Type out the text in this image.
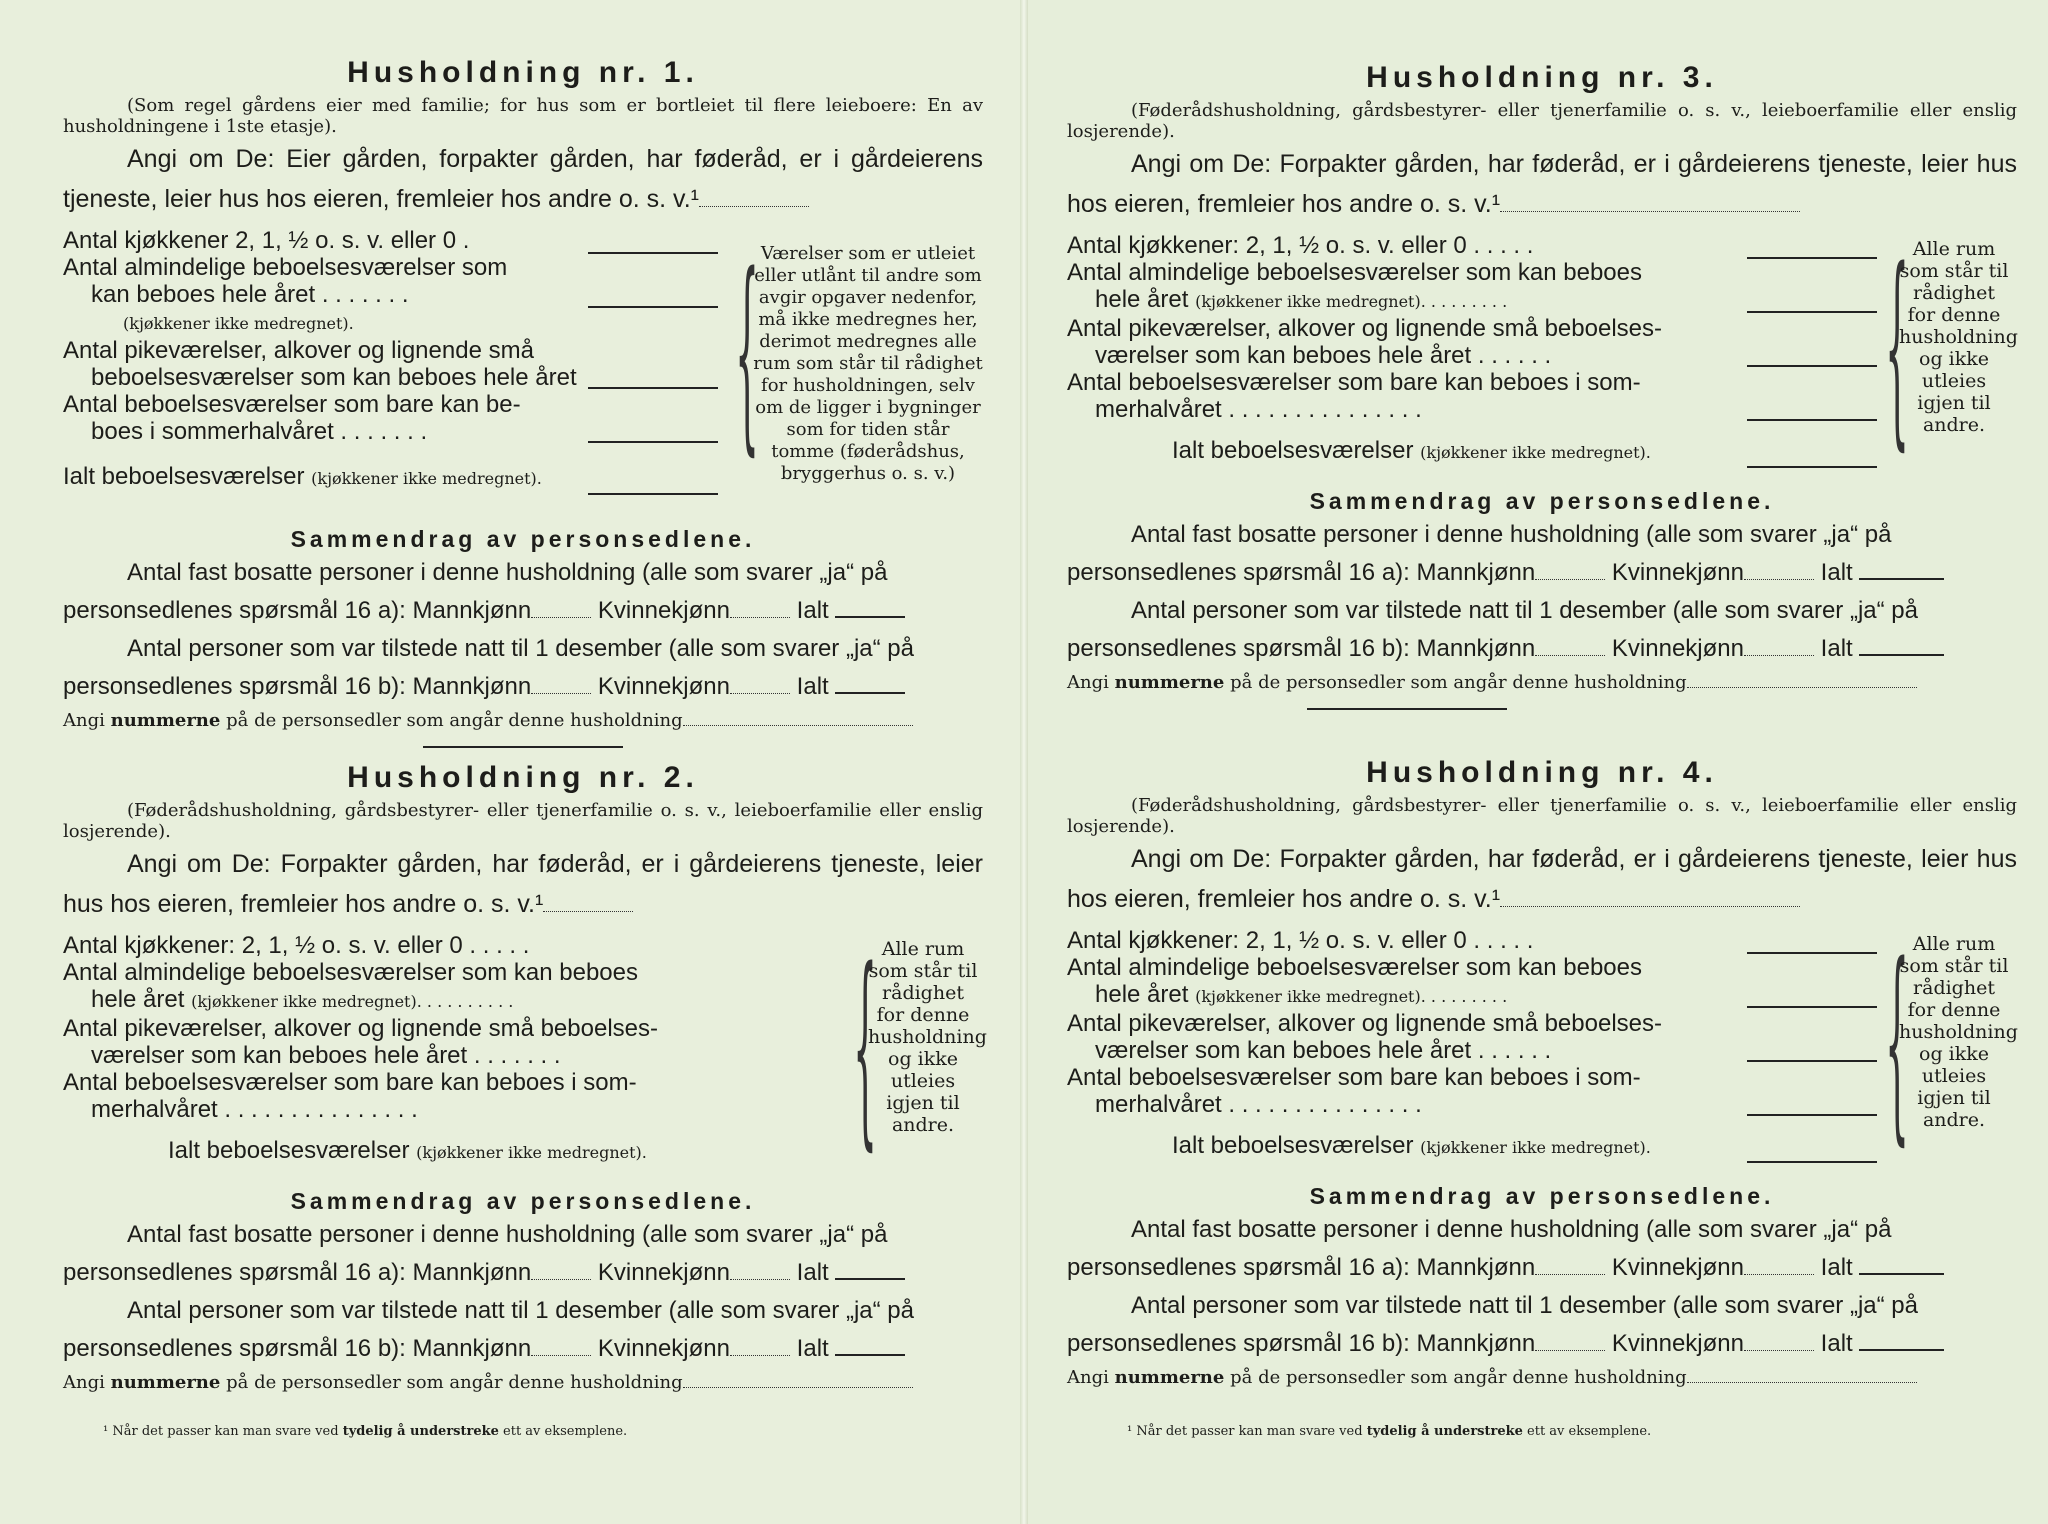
Husholdning nr. 1.

(Som regel gårdens eier med familie; for hus som er bortleiet til flere leieboere: En av husholdningene i 1ste etasje).

Angi om De: Eier gården, forpakter gården, har føderåd, er i gårdeierens tjeneste, leier hus hos eieren, fremleier hos andre o. s. v.¹
Antal kjøkkener 2, 1, ½ o. s. v. eller 0 .
Antal almindelige beboelsesværelser som
kan beboes hele året . . . . . . .
(kjøkkener ikke medregnet).
Antal pikeværelser, alkover og lignende små
beboelsesværelser som kan beboes hele året
Antal beboelsesværelser som bare kan be-
boes i sommerhalvåret . . . . . . .
Ialt beboelsesværelser (kjøkkener ikke medregnet).
{ Værelser som er utleiet eller utlånt til andre som avgir opgaver nedenfor, må ikke medregnes her, derimot medregnes alle rum som står til rådighet for husholdningen, selv om de ligger i bygninger som for tiden står tomme (føderådshus, bryggerhus o. s. v.)
Sammendrag av personsedlene.

Antal fast bosatte personer i denne husholdning (alle som svarer „ja“ på

personsedlenes spørsmål 16 a): Mannkjønn	Kvinnekjønn	Ialt

Antal personer som var tilstede natt til 1 desember (alle som svarer „ja“ på

personsedlenes spørsmål 16 b): Mannkjønn	Kvinnekjønn	Ialt
Angi nummerne på de personsedler som angår denne husholdning
Husholdning nr. 2.

(Føderådshusholdning, gårdsbestyrer- eller tjenerfamilie o. s. v., leieboerfamilie eller enslig losjerende).

Angi om De: Forpakter gården, har føderåd, er i gårdeierens tjeneste, leier hus hos eieren, fremleier hos andre o. s. v.¹
Antal kjøkkener: 2, 1, ½ o. s. v. eller 0 . . . . .
Antal almindelige beboelsesværelser som kan beboes
hele året (kjøkkener ikke medregnet). . . . . . . . . .
Antal pikeværelser, alkover og lignende små beboelses-
værelser som kan beboes hele året . . . . . . .
Antal beboelsesværelser som bare kan beboes i som-
merhalvåret . . . . . . . . . . . . . . .
Ialt beboelsesværelser (kjøkkener ikke medregnet). { Alle rum som står til rådighet for denne husholdning og ikke utleies igjen til andre.
Sammendrag av personsedlene.

Antal fast bosatte personer i denne husholdning (alle som svarer „ja“ på

personsedlenes spørsmål 16 a): Mannkjønn	Kvinnekjønn	Ialt

Antal personer som var tilstede natt til 1 desember (alle som svarer „ja“ på

personsedlenes spørsmål 16 b): Mannkjønn	Kvinnekjønn	Ialt
Angi nummerne på de personsedler som angår denne husholdning
¹ Når det passer kan man svare ved tydelig å understreke ett av eksemplene.
Husholdning nr. 3.

(Føderådshusholdning, gårdsbestyrer- eller tjenerfamilie o. s. v., leieboerfamilie eller enslig losjerende).

Angi om De: Forpakter gården, har føderåd, er i gårdeierens tjeneste, leier hus hos eieren, fremleier hos andre o. s. v.¹
Antal kjøkkener: 2, 1, ½ o. s. v. eller 0 . . . . .
Antal almindelige beboelsesværelser som kan beboes
hele året (kjøkkener ikke medregnet). . . . . . . . .
Antal pikeværelser, alkover og lignende små beboelses-
værelser som kan beboes hele året . . . . . .
Antal beboelsesværelser som bare kan beboes i som-
merhalvåret . . . . . . . . . . . . . . .
Ialt beboelsesværelser (kjøkkener ikke medregnet). { Alle rum som står til rådighet for denne husholdning og ikke utleies igjen til andre.
Sammendrag av personsedlene.

Antal fast bosatte personer i denne husholdning (alle som svarer „ja“ på

personsedlenes spørsmål 16 a): Mannkjønn	Kvinnekjønn	Ialt

Antal personer som var tilstede natt til 1 desember (alle som svarer „ja“ på

personsedlenes spørsmål 16 b): Mannkjønn	Kvinnekjønn	Ialt
Angi nummerne på de personsedler som angår denne husholdning
Husholdning nr. 4.

(Føderådshusholdning, gårdsbestyrer- eller tjenerfamilie o. s. v., leieboerfamilie eller enslig losjerende).

Angi om De: Forpakter gården, har føderåd, er i gårdeierens tjeneste, leier hus hos eieren, fremleier hos andre o. s. v.¹
Antal kjøkkener: 2, 1, ½ o. s. v. eller 0 . . . . .
Antal almindelige beboelsesværelser som kan beboes
hele året (kjøkkener ikke medregnet). . . . . . . . .
Antal pikeværelser, alkover og lignende små beboelses-
værelser som kan beboes hele året . . . . . .
Antal beboelsesværelser som bare kan beboes i som-
merhalvåret . . . . . . . . . . . . . . .
Ialt beboelsesværelser (kjøkkener ikke medregnet). { Alle rum som står til rådighet for denne husholdning og ikke utleies igjen til andre.
Sammendrag av personsedlene.

Antal fast bosatte personer i denne husholdning (alle som svarer „ja“ på

personsedlenes spørsmål 16 a): Mannkjønn	Kvinnekjønn	Ialt

Antal personer som var tilstede natt til 1 desember (alle som svarer „ja“ på

personsedlenes spørsmål 16 b): Mannkjønn	Kvinnekjønn	Ialt
Angi nummerne på de personsedler som angår denne husholdning
¹ Når det passer kan man svare ved tydelig å understreke ett av eksemplene.
